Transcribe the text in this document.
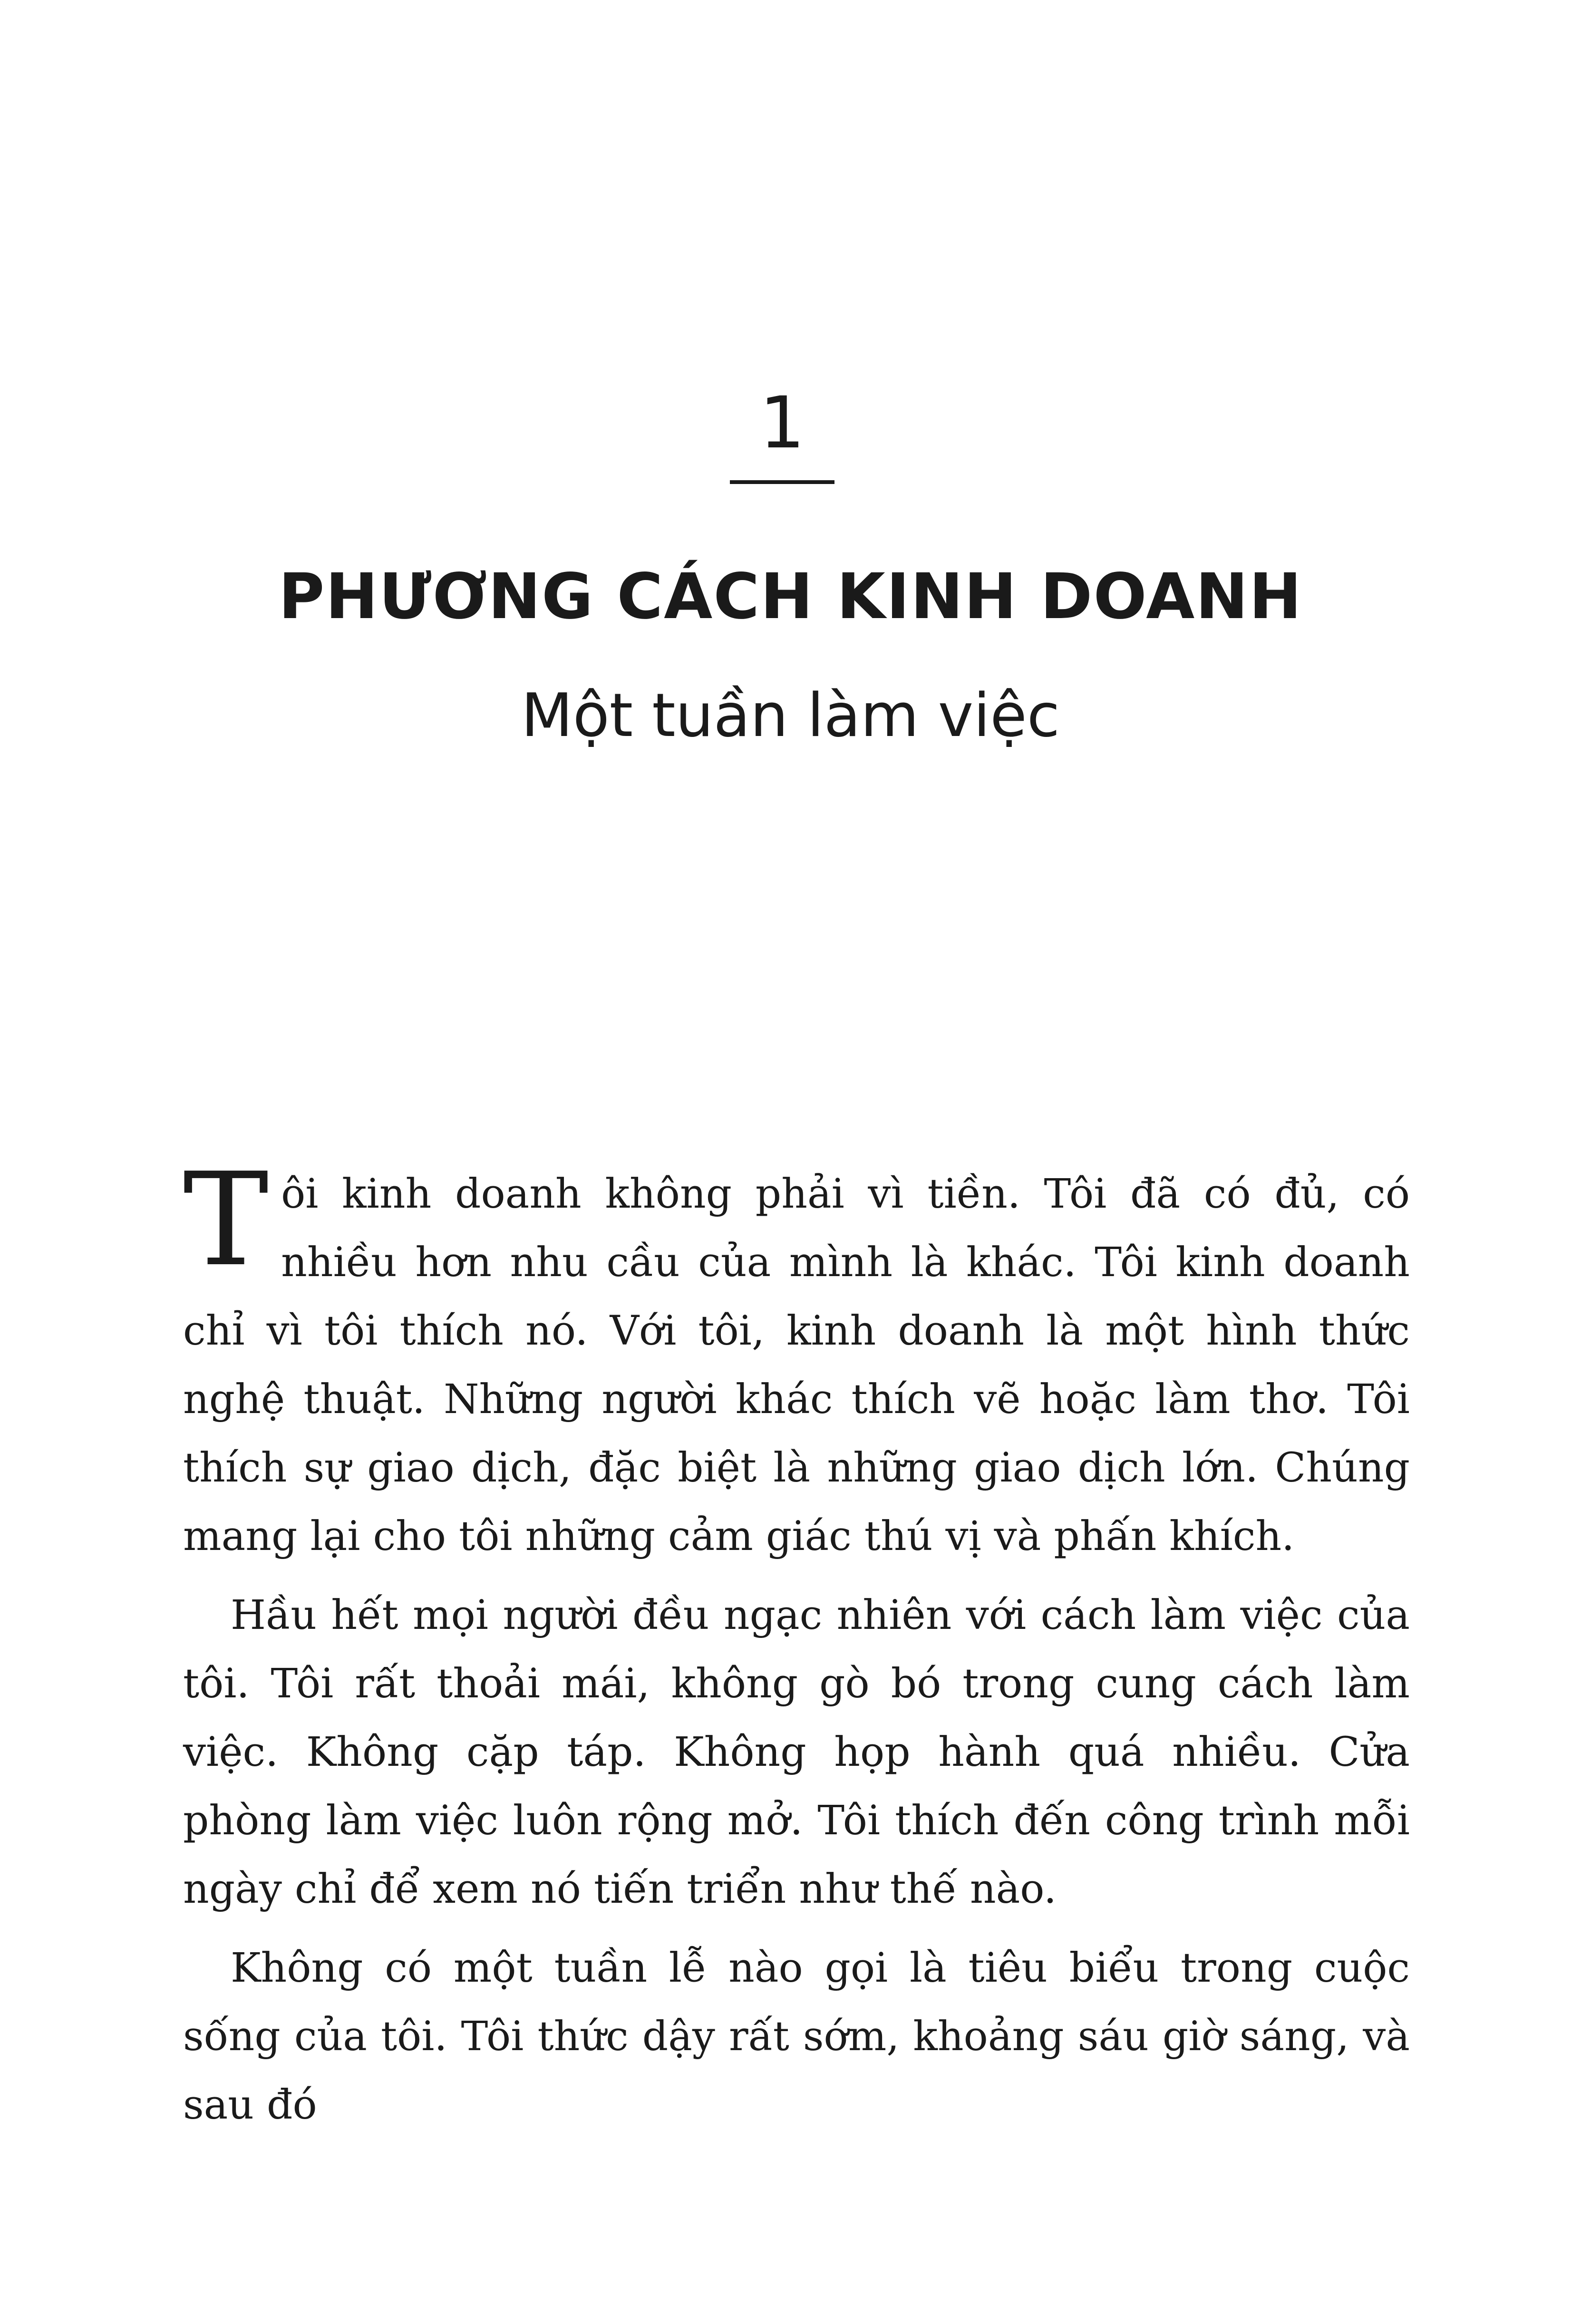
1
PHƯƠNG CÁCH KINH DOANH
Một tuần làm việc

Tôi kinh doanh không phải vì tiền. Tôi đã có đủ, có nhiều hơn nhu cầu của mình là khác. Tôi kinh doanh chỉ vì tôi thích nó. Với tôi, kinh doanh là một hình thức nghệ thuật. Những người khác thích vẽ hoặc làm thơ. Tôi thích sự giao dịch, đặc biệt là những giao dịch lớn. Chúng mang lại cho tôi những cảm giác thú vị và phấn khích.

Hầu hết mọi người đều ngạc nhiên với cách làm việc của tôi. Tôi rất thoải mái, không gò bó trong cung cách làm việc. Không cặp táp. Không họp hành quá nhiều. Cửa phòng làm việc luôn rộng mở. Tôi thích đến công trình mỗi ngày chỉ để xem nó tiến triển như thế nào.

Không có một tuần lễ nào gọi là tiêu biểu trong cuộc sống của tôi. Tôi thức dậy rất sớm, khoảng sáu giờ sáng, và sau đó
